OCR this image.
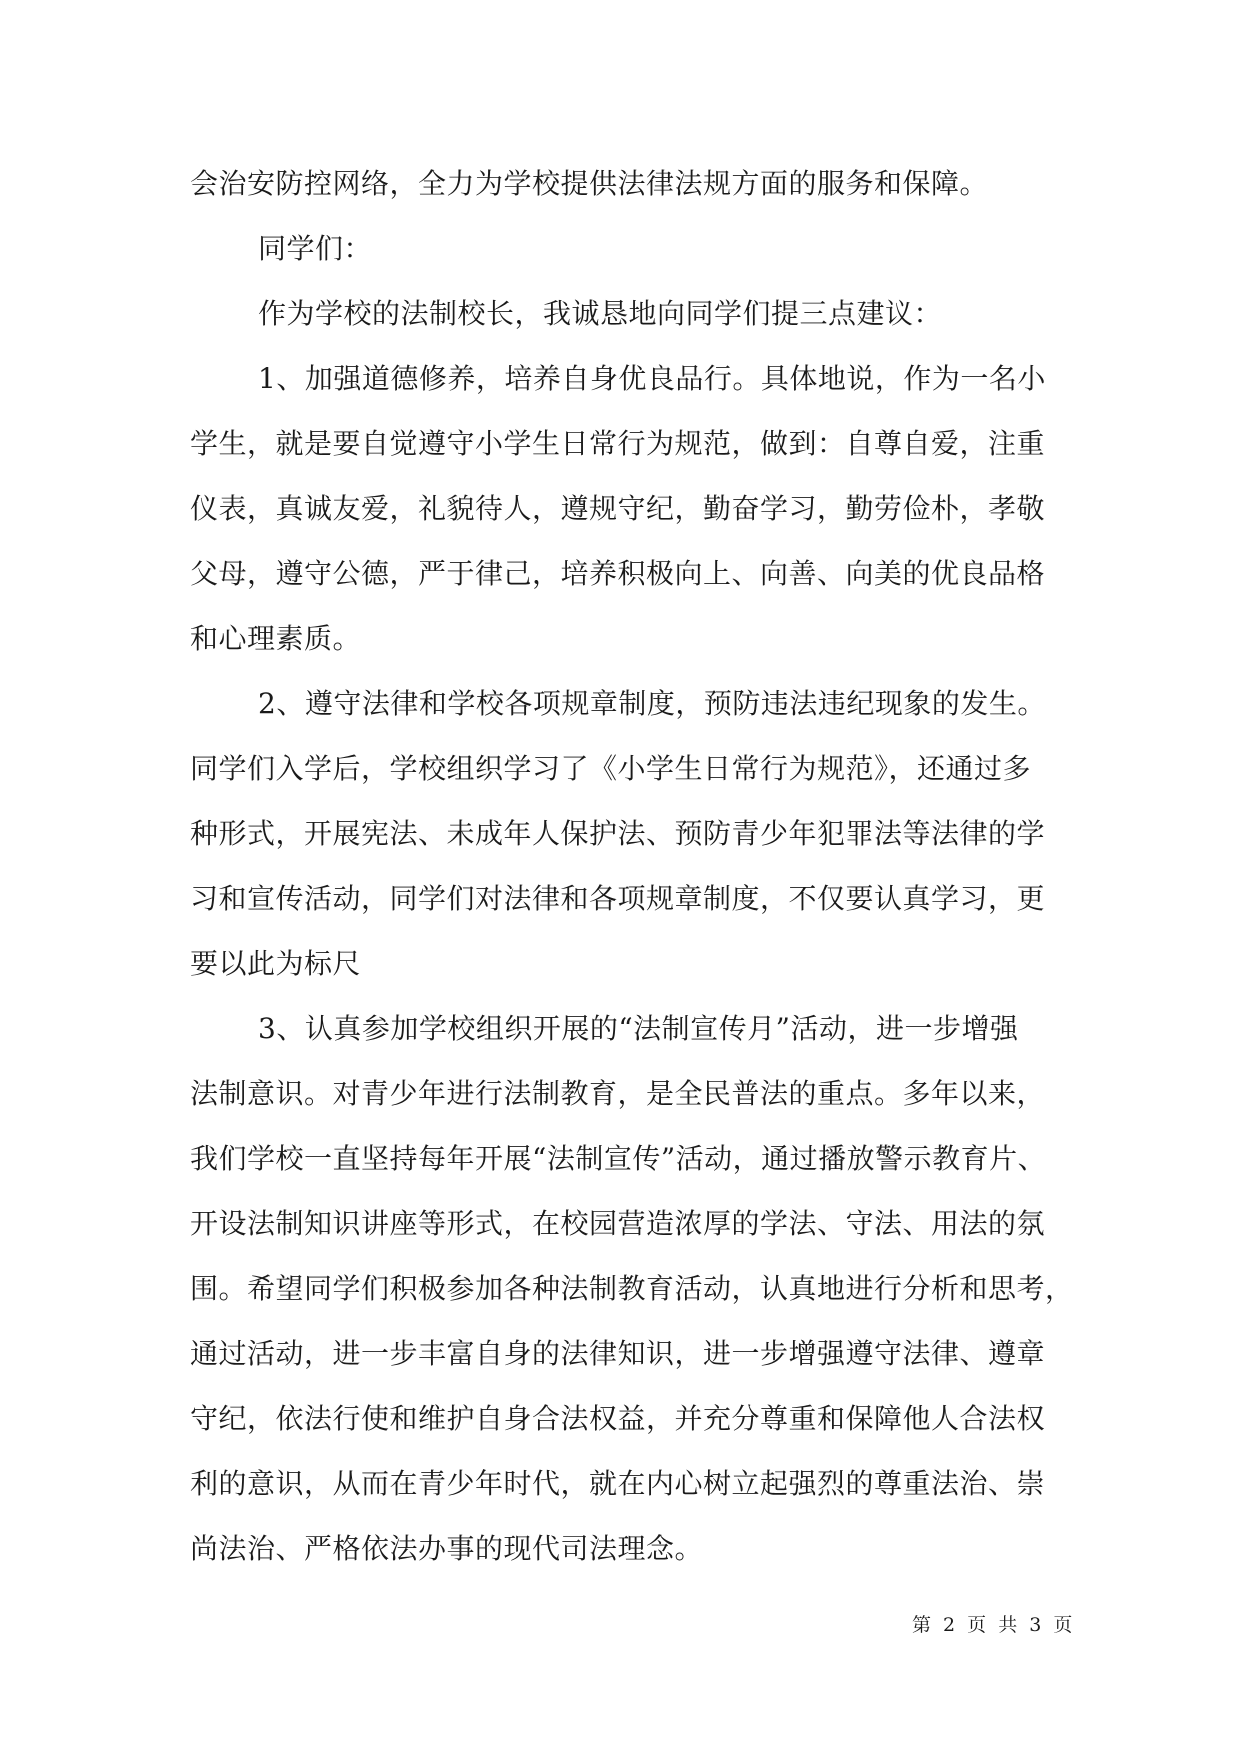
会治安防控网络，全力为学校提供法律法规方面的服务和保障。
同学们：
作为学校的法制校长，我诚恳地向同学们提三点建议：
1、加强道德修养，培养自身优良品行。具体地说，作为一名小
学生，就是要自觉遵守小学生日常行为规范，做到：自尊自爱，注重
仪表，真诚友爱，礼貌待人，遵规守纪，勤奋学习，勤劳俭朴，孝敬
父母，遵守公德，严于律己，培养积极向上、向善、向美的优良品格
和心理素质。
2、遵守法律和学校各项规章制度，预防违法违纪现象的发生。
同学们入学后，学校组织学习了《小学生日常行为规范》，还通过多
种形式，开展宪法、未成年人保护法、预防青少年犯罪法等法律的学
习和宣传活动，同学们对法律和各项规章制度，不仅要认真学习，更
要以此为标尺
3、认真参加学校组织开展的“法制宣传月”活动，进一步增强
法制意识。对青少年进行法制教育，是全民普法的重点。多年以来，
我们学校一直坚持每年开展“法制宣传”活动，通过播放警示教育片、
开设法制知识讲座等形式，在校园营造浓厚的学法、守法、用法的氛
围。希望同学们积极参加各种法制教育活动，认真地进行分析和思考，
通过活动，进一步丰富自身的法律知识，进一步增强遵守法律、遵章
守纪，依法行使和维护自身合法权益，并充分尊重和保障他人合法权
利的意识，从而在青少年时代，就在内心树立起强烈的尊重法治、崇
尚法治、严格依法办事的现代司法理念。
第 2 页 共 3 页
